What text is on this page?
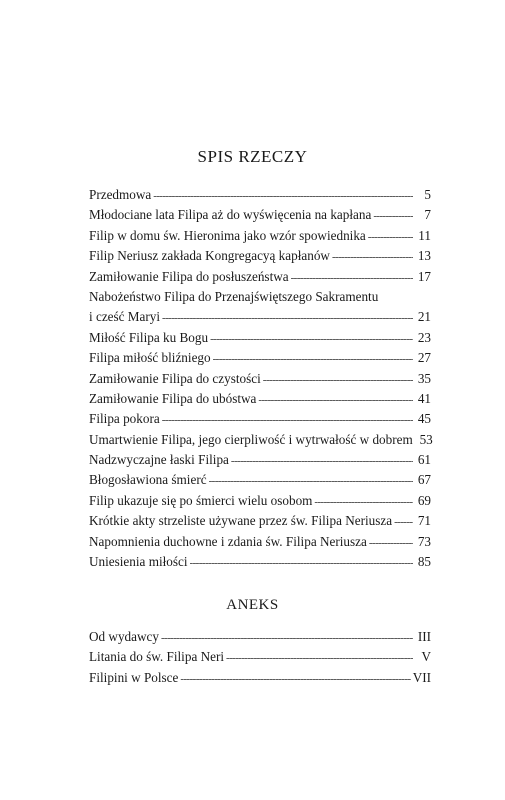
SPIS RZECZY
Przedmowa -----	5
Młodociane lata Filipa aż do wyświęcenia na kapłana -----	7
Filip w domu św. Hieronima jako wzór spowiednika -----	11
Filip Neriusz zakłada Kongregacyą kapłanów -----	13
Zamiłowanie Filipa do posłuszeństwa -----	17
Nabożeństwo Filipa do Przenajświętszego Sakramentu
i cześć Maryi -----	21
Miłość Filipa ku Bogu -----	23
Filipa miłość bliźniego -----	27
Zamiłowanie Filipa do czystości -----	35
Zamiłowanie Filipa do ubóstwa -----	41
Filipa pokora -----	45
Umartwienie Filipa, jego cierpliwość i wytrwałość w dobrem 53
Nadzwyczajne łaski Filipa -----	61
Błogosławiona śmierć -----	67
Filip ukazuje się po śmierci wielu osobom -----	69
Krótkie akty strzeliste używane przez św. Filipa Neriusza ----- 71
Napomnienia duchowne i zdania św. Filipa Neriusza -----	73
Uniesienia miłości -----	85
ANEKS
Od wydawcy -----	III
Litania do św. Filipa Neri -----	V
Filipini w Polsce -----	VII
